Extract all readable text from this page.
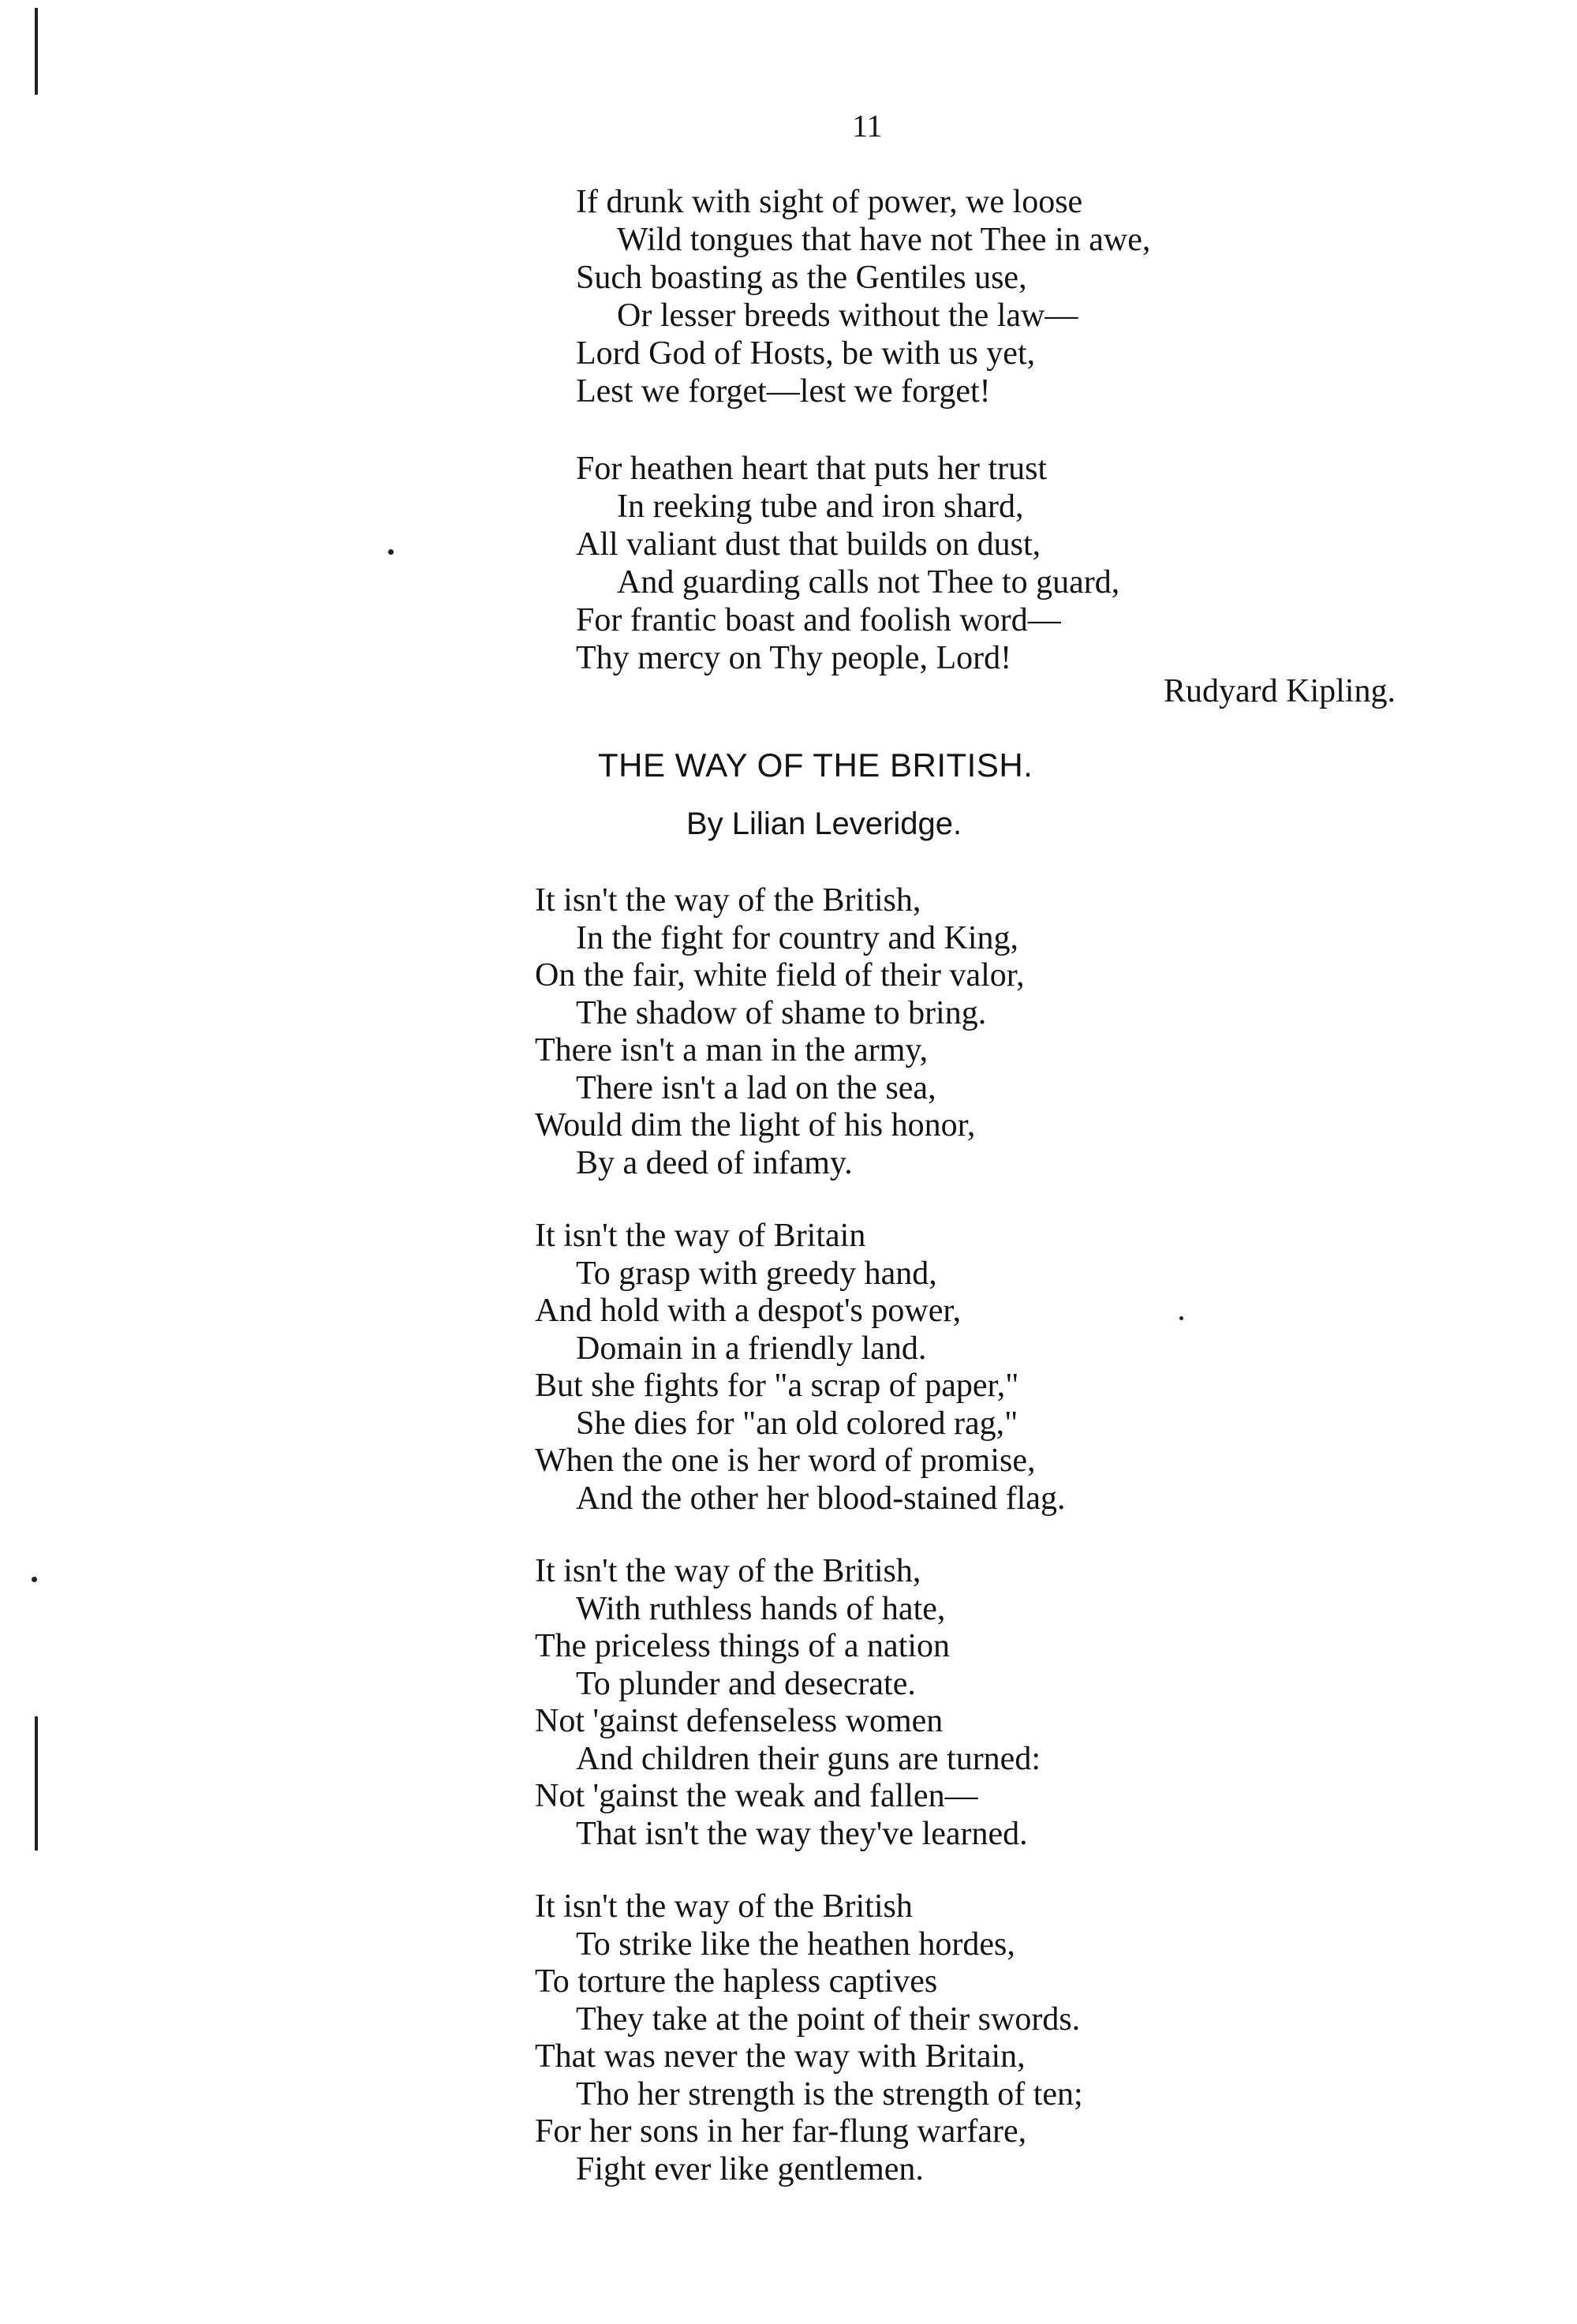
11
If drunk with sight of power, we loose
Wild tongues that have not Thee in awe,
Such boasting as the Gentiles use,
Or lesser breeds without the law—
Lord God of Hosts, be with us yet,
Lest we forget—lest we forget!
For heathen heart that puts her trust
In reeking tube and iron shard,
All valiant dust that builds on dust,
And guarding calls not Thee to guard,
For frantic boast and foolish word—
Thy mercy on Thy people, Lord!
Rudyard Kipling.
THE WAY OF THE BRITISH.
By Lilian Leveridge.
It isn't the way of the British,
In the fight for country and King,
On the fair, white field of their valor,
The shadow of shame to bring.
There isn't a man in the army,
There isn't a lad on the sea,
Would dim the light of his honor,
By a deed of infamy.
It isn't the way of Britain
To grasp with greedy hand,
And hold with a despot's power,
Domain in a friendly land.
But she fights for "a scrap of paper,"
She dies for "an old colored rag,"
When the one is her word of promise,
And the other her blood-stained flag.
It isn't the way of the British,
With ruthless hands of hate,
The priceless things of a nation
To plunder and desecrate.
Not 'gainst defenseless women
And children their guns are turned:
Not 'gainst the weak and fallen—
That isn't the way they've learned.
It isn't the way of the British
To strike like the heathen hordes,
To torture the hapless captives
They take at the point of their swords.
That was never the way with Britain,
Tho her strength is the strength of ten;
For her sons in her far-flung warfare,
Fight ever like gentlemen.
